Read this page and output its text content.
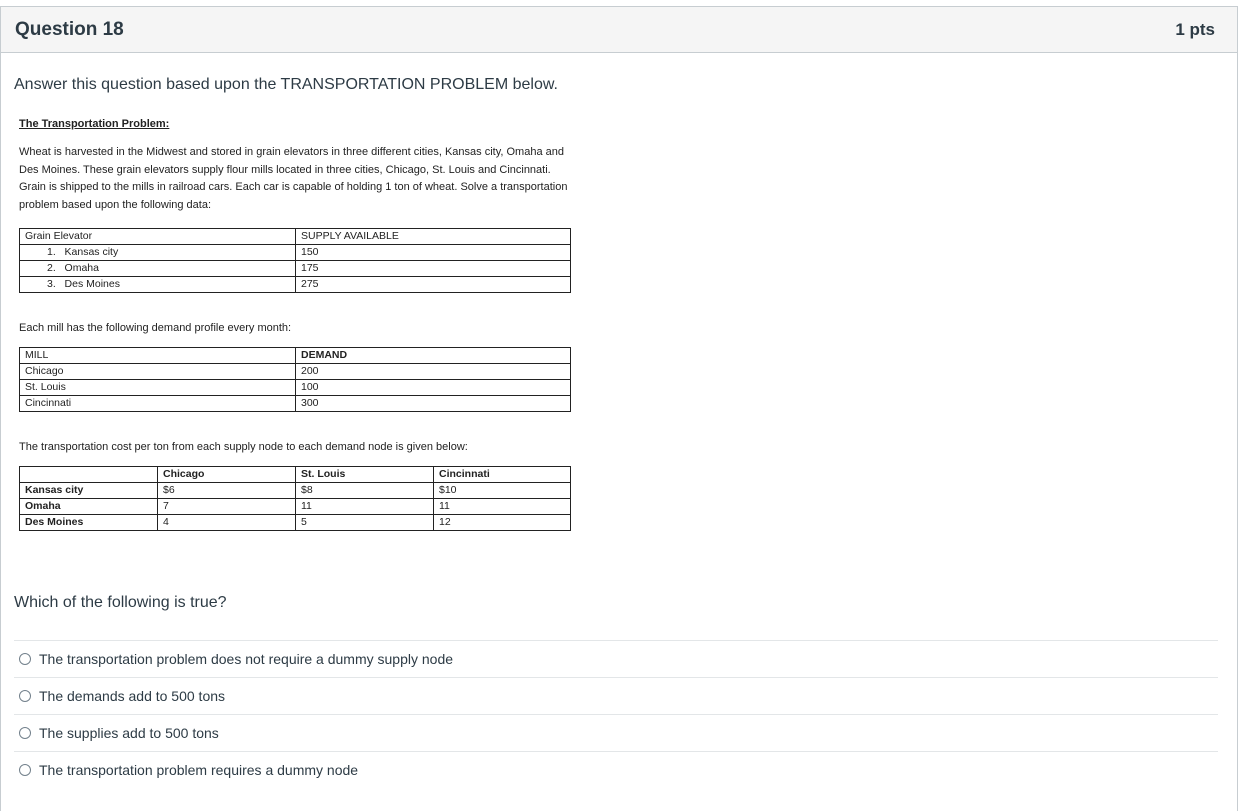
Question 18	1 pts
Answer this question based upon the TRANSPORTATION PROBLEM below.
The Transportation Problem:
Wheat is harvested in the Midwest and stored in grain elevators in three different cities, Kansas city, Omaha and Des Moines. These grain elevators supply flour mills located in three cities, Chicago, St. Louis and Cincinnati. Grain is shipped to the mills in railroad cars. Each car is capable of holding 1 ton of wheat. Solve a transportation problem based upon the following data:
Grain Elevator	SUPPLY AVAILABLE
1. Kansas city	150
2. Omaha	175
3. Des Moines	275
Each mill has the following demand profile every month:
MILL	DEMAND
Chicago	200
St. Louis	100
Cincinnati	300
The transportation cost per ton from each supply node to each demand node is given below:
	Chicago	St. Louis	Cincinnati
Kansas city	$6	$8	$10
Omaha	7	11	11
Des Moines	4	5	12
Which of the following is true?
The transportation problem does not require a dummy supply node
The demands add to 500 tons
The supplies add to 500 tons
The transportation problem requires a dummy node
